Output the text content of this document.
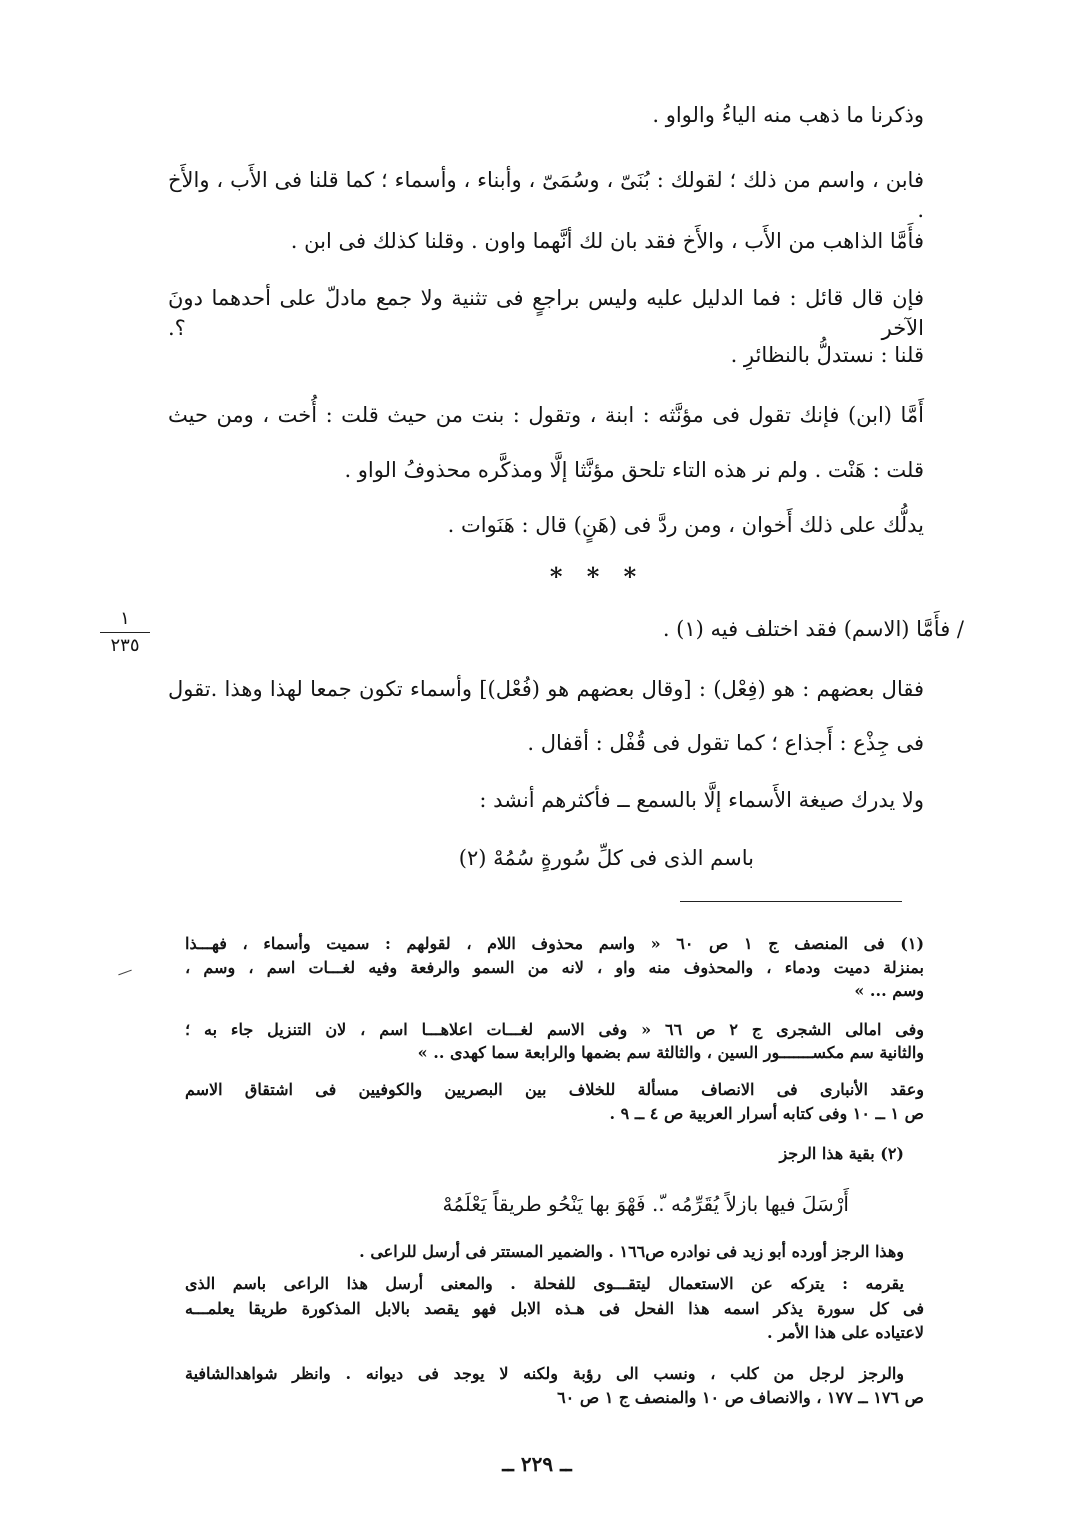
وذكرنا ما ذهب منه الياءُ والواو .
فابن ، واسم من ذلك ؛ لقولك : بُنَىّ ، وسُمَىّ ، وأبناء ، وأسماء ؛ كما قلنا فى الأَب ، والأَخ .
فأَمَّا الذاهب من الأَب ، والأَخ فقد بان لك أنَّهما واون . وقلنا كذلك فى ابن .
فإن قال قائل : فما الدليل عليه وليس براجعٍ فى تثنية ولا جمع مادلّ على أحدهما دونَ الآخر ؟.
قلنا : نستدلُّ بالنظائرِ .
أَمَّا (ابن) فإنك تقول فى مؤنَّثه : ابنة ، وتقول : بنت من حيث قلت : أُخت ، ومن حيث
قلت : هَنْت . ولم نر هذه التاء تلحق مؤنَّثا إلَّا ومذكَّره محذوفُ الواو .
يدلُّك على ذلك أَخوان ، ومن ردَّ فى (هَنٍ) قال : هَنَوات .
* * *
/ فأَمَّا (الاسم) فقد اختلف فيه (١) .
١
٢٣٥
فقال بعضهم : هو (فِعْل) : [وقال بعضهم هو (فُعْل)] وأسماء تكون جمعا لهذا وهذا .تقول
فى جِذْع : أَجذاع ؛ كما تقول فى قُفْل : أقفال .
ولا يدرك صيغة الأَسماء إلَّا بالسمع ــ فأكثرهم أنشد :
باسم الذى فى كلِّ سُورةٍ سُمُهْ (٢)
(١) فى المنصف ج ١ ص ٦٠ « واسم محذوف اللام ، لقولهم : سميت وأسماء ، فهـــذا
بمنزلة دميت ودماء ، والمحذوف منه واو ، لانه من السمو والرفعة وفيه لغـــات اسم ، وسم ،
وسم ... »
وفى امالى الشجرى ج ٢ ص ٦٦ « وفى الاسم لغـــات اعلاهـــا اسم ، لان التنزيل جاء به ؛
والثانية سم مكســـــــور السين ، والثالثة سم بضمها والرابعة سما كهدى .. »
وعقد الأنبارى فى الانصاف مسألة للخلاف بين البصريين والكوفيين فى اشتقاق الاسم
ص ١ ــ ١٠ وفى كتابه أسرار العربية ص ٤ ــ ٩ .
(٢) بقية هذا الرجز
أَرْسَلَ فيها بازلاً يُقَرِّمُه .ّ. فَهْوَ بها يَنْحُو طريقاً يَعْلَمُهْ
وهذا الرجز أورده أبو زيد فى نوادره ص١٦٦ . والضمير المستتر فى أرسل للراعى .
يقرمه : يتركه عن الاستعمال ليتقـــوى للفحلة . والمعنى أرسل هذا الراعى باسم الذى
فى كل سورة يذكر اسمه هذا الفحل فى هـذه الابل فهو يقصد بالابل المذكورة طريقا يعلمـــه
لاعتياده على هذا الأمر .
والرجز لرجل من كلب ، ونسب الى رؤبة ولكنه لا يوجد فى ديوانه . وانظر شواهدالشافية
ص ١٧٦ ــ ١٧٧ ، والانصاف ص ١٠ والمنصف ج ١ ص ٦٠
ــ ٢٢٩ ــ
